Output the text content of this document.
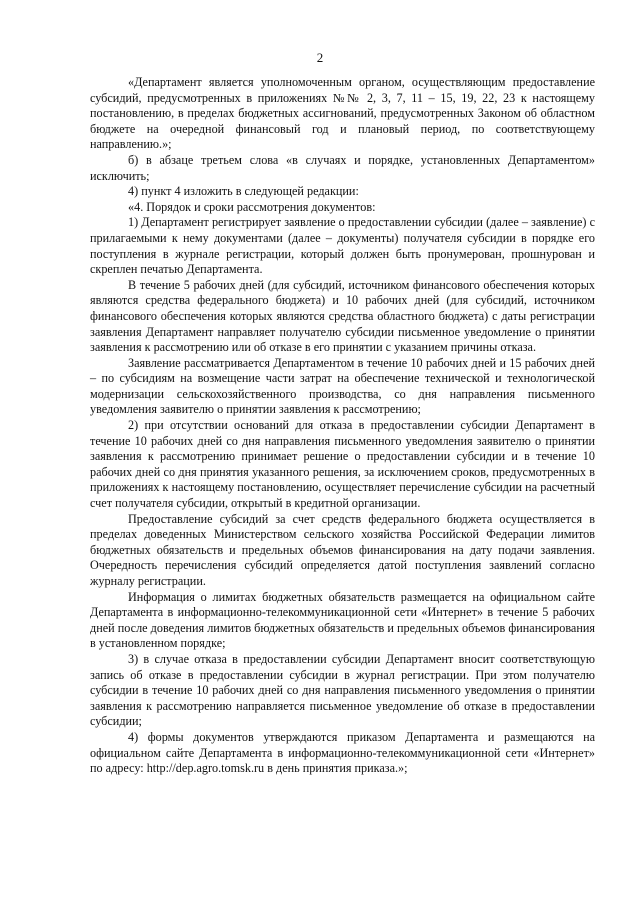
2

«Департамент является уполномоченным органом, осуществляющим предоставление субсидий, предусмотренных в приложениях №№ 2, 3, 7, 11 – 15, 19, 22, 23 к настоящему постановлению, в пределах бюджетных ассигнований, предусмотренных Законом об областном бюджете на очередной финансовый год и плановый период, по соответствующему направлению.»;

б) в абзаце третьем слова «в случаях и порядке, установленных Департаментом» исключить;

4) пункт 4 изложить в следующей редакции:

«4. Порядок и сроки рассмотрения документов:

1) Департамент регистрирует заявление о предоставлении субсидии (далее – заявление) с прилагаемыми к нему документами (далее – документы) получателя субсидии в порядке его поступления в журнале регистрации, который должен быть пронумерован, прошнурован и скреплен печатью Департамента.

В течение 5 рабочих дней (для субсидий, источником финансового обеспечения которых являются средства федерального бюджета) и 10 рабочих дней (для субсидий, источником финансового обеспечения которых являются средства областного бюджета) с даты регистрации заявления Департамент направляет получателю субсидии письменное уведомление о принятии заявления к рассмотрению или об отказе в его принятии с указанием причины отказа.

Заявление рассматривается Департаментом в течение 10 рабочих дней и 15 рабочих дней – по субсидиям на возмещение части затрат на обеспечение технической и технологической модернизации сельскохозяйственного производства, со дня направления письменного уведомления заявителю о принятии заявления к рассмотрению;

2) при отсутствии оснований для отказа в предоставлении субсидии Департамент в течение 10 рабочих дней со дня направления письменного уведомления заявителю о принятии заявления к рассмотрению принимает решение о предоставлении субсидии и в течение 10 рабочих дней со дня принятия указанного решения, за исключением сроков, предусмотренных в приложениях к настоящему постановлению, осуществляет перечисление субсидии на расчетный счет получателя субсидии, открытый в кредитной организации.

Предоставление субсидий за счет средств федерального бюджета осуществляется в пределах доведенных Министерством сельского хозяйства Российской Федерации лимитов бюджетных обязательств и предельных объемов финансирования на дату подачи заявления. Очередность перечисления субсидий определяется датой поступления заявлений согласно журналу регистрации.

Информация о лимитах бюджетных обязательств размещается на официальном сайте Департамента в информационно-телекоммуникационной сети «Интернет» в течение 5 рабочих дней после доведения лимитов бюджетных обязательств и предельных объемов финансирования в установленном порядке;

3) в случае отказа в предоставлении субсидии Департамент вносит соответствующую запись об отказе в предоставлении субсидии в журнал регистрации. При этом получателю субсидии в течение 10 рабочих дней со дня направления письменного уведомления о принятии заявления к рассмотрению направляется письменное уведомление об отказе в предоставлении субсидии;

4) формы документов утверждаются приказом Департамента и размещаются на официальном сайте Департамента в информационно-телекоммуникационной сети «Интернет» по адресу: http://dep.agro.tomsk.ru в день принятия приказа.»;
